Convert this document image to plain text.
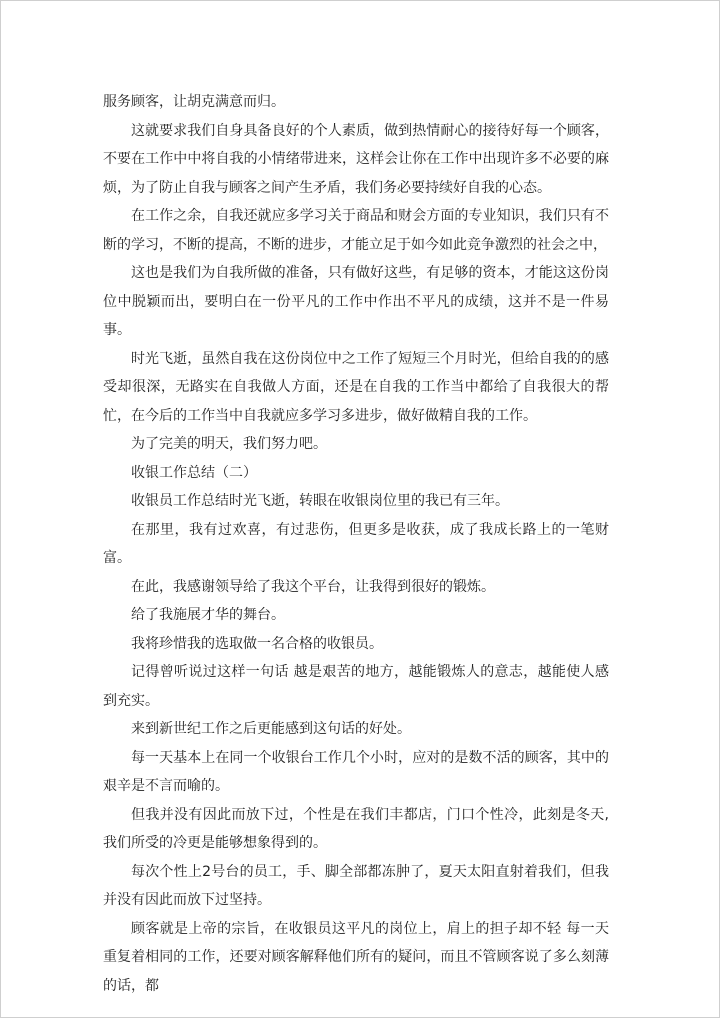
服务顾客，让胡克满意而归。

这就要求我们自身具备良好的个人素质，做到热情耐心的接待好每一个顾客，不要在工作中中将自我的小情绪带进来，这样会让你在工作中出现许多不必要的麻烦，为了防止自我与顾客之间产生矛盾，我们务必要持续好自我的心态。

在工作之余，自我还就应多学习关于商品和财会方面的专业知识，我们只有不断的学习，不断的提高，不断的进步，才能立足于如今如此竞争激烈的社会之中，

这也是我们为自我所做的准备，只有做好这些，有足够的资本，才能这这份岗位中脱颖而出，要明白在一份平凡的工作中作出不平凡的成绩，这并不是一件易事。

时光飞逝，虽然自我在这份岗位中之工作了短短三个月时光，但给自我的的感受却很深，无路实在自我做人方面，还是在自我的工作当中都给了自我很大的帮忙，在今后的工作当中自我就应多学习多进步，做好做精自我的工作。

为了完美的明天，我们努力吧。

收银工作总结（二）

收银员工作总结时光飞逝，转眼在收银岗位里的我已有三年。

在那里，我有过欢喜，有过悲伤，但更多是收获，成了我成长路上的一笔财富。

在此，我感谢领导给了我这个平台，让我得到很好的锻炼。

给了我施展才华的舞台。

我将珍惜我的选取做一名合格的收银员。

记得曾听说过这样一句话 越是艰苦的地方，越能锻炼人的意志，越能使人感到充实。

来到新世纪工作之后更能感到这句话的好处。

每一天基本上在同一个收银台工作几个小时，应对的是数不活的顾客，其中的艰辛是不言而喻的。

但我并没有因此而放下过，个性是在我们丰都店，门口个性冷，此刻是冬天,我们所受的冷更是能够想象得到的。

每次个性上2号台的员工，手、脚全部都冻肿了，夏天太阳直射着我们，但我并没有因此而放下过坚持。

顾客就是上帝的宗旨，在收银员这平凡的岗位上，肩上的担子却不轻 每一天重复着相同的工作，还要对顾客解释他们所有的疑问，而且不管顾客说了多么刻薄的话，都
